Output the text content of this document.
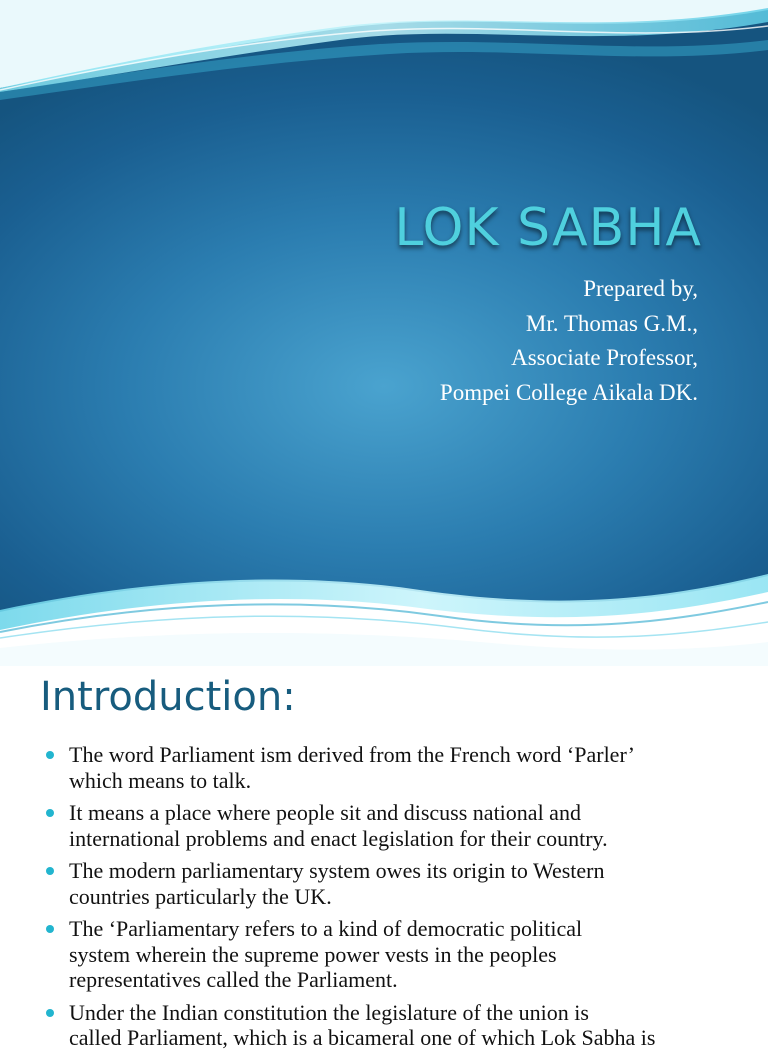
LOK SABHA
Prepared by,
Mr. Thomas G.M.,
Associate Professor,
Pompei College Aikala DK.
Introduction:
The word Parliament ism derived from the French word ‘Parler’
which means to talk.
It means a place where people sit and discuss national and
international problems and enact legislation for their country.
The modern parliamentary system owes its origin to Western
countries particularly the UK.
The ‘Parliamentary refers to a kind of democratic political
system wherein the supreme power vests in the peoples
representatives called the Parliament.
Under the Indian constitution the legislature of the union is
called Parliament, which is a bicameral one of which Lok Sabha is
